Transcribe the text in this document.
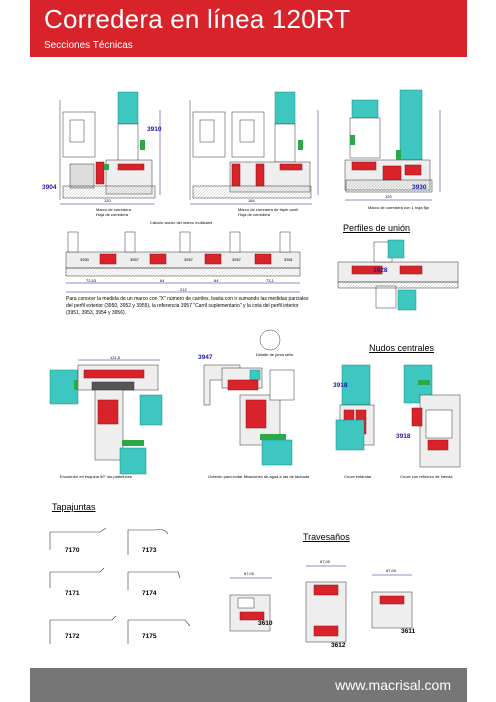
Corredera en línea 120RT
Secciones Técnicas
3904
3910
3930
3928
3947
3918
3918
3957	3957	3957	3951
3950
120	184
120
212
72,53	64	64	73,1
121,5
67,00
67,00
67,00
Marco de corredera
Hoja de corredera
Marco de corredera de triple carril
Hoja de corredera
Marco de corredera con 1 hoja fija
Cálculo ancho del marco multicarril
Encuentro en esquina 90° sin parteluces	Goterón para evitar filtraciones de agua a ras de fachada	Cruce estándar	Cruce con refuerzo de inercia
Detalle de junta sello
Para conocer la medida de un marco con "X" número de carriles, basta con ir sumando las medidas parciales del perfil exterior (3950, 3952 y 3955), la referencia 3957 "Carril suplementario" y la cota del perfil interior (3951, 3953, 3954 y 3956).
Perfiles de unión
Nudos centrales
Tapajuntas
Travesaños
7170	7173
7171	7174
7172	7175
3610
3612
3611
www.macrisal.com
